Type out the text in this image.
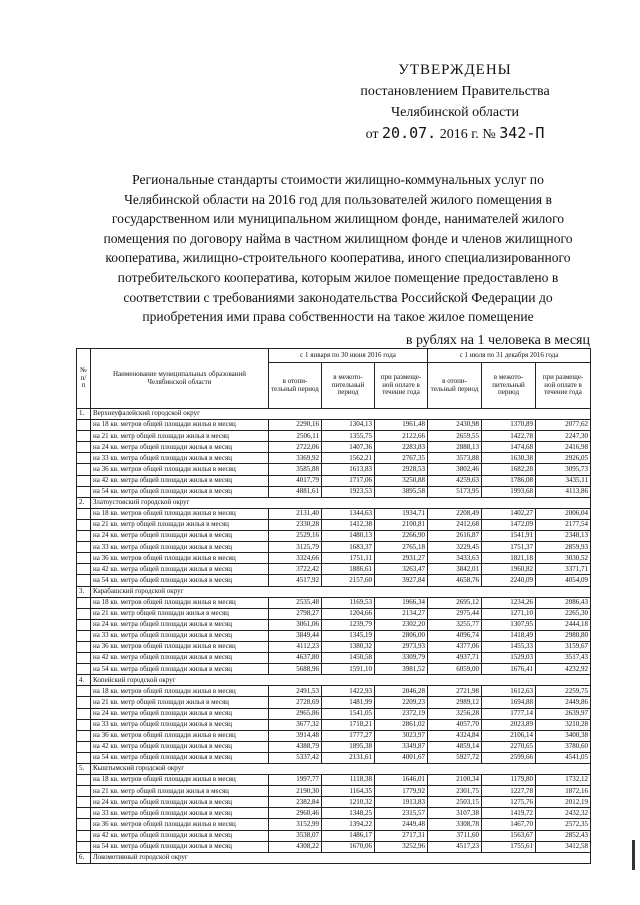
УТВЕРЖДЕНЫ
постановлением Правительства
Челябинской области
от 20.07. 2016 г. № 342-П
Региональные стандарты стоимости жилищно-коммунальных услуг по Челябинской области на 2016 год для пользователей жилого помещения в государственном или муниципальном жилищном фонде, нанимателей жилого помещения по договору найма в частном жилищном фонде и членов жилищного кооператива, жилищно-строительного кооператива, иного специализированного потребительского кооператива, которым жилое помещение предоставлено в соответствии с требованиями законодательства Российской Федерации до приобретения ими права собственности на такое жилое помещение
в рублях на 1 человека в месяц
№ п/п	Наименование муниципальных образований Челябинской области	с 1 января по 30 июня 2016 года			с 1 июля по 31 декабря 2016 года		
		в отопи-тельный период	в межото-пительный период	при размеще-ной оплате в течение года	в отопи-тельный период	в межото-пительный период	при размеще-ной оплате в течение года
1.	Верхнеуфалейский городской округ						
	на 18 кв. метров общей площади жилья в месяц	2290,16	1304,13	1961,48	2430,98	1370,89	2077,62
	на 21 кв. метр общей площади жилья в месяц	2506,11	1355,75	2122,66	2659,55	1422,78	2247,30
	на 24 кв. метра общей площади жилья в месяц	2722,06	1407,36	2283,83	2888,13	1474,68	2416,98
	на 33 кв. метра общей площади жилья в месяц	3369,92	1562,21	2767,35	3573,88	1630,38	2926,05
	на 36 кв. метров общей площади жилья в месяц	3585,88	1613,83	2928,53	3802,46	1682,28	3095,73
	на 42 кв. метра общей площади жилья в месяц	4017,79	1717,06	3250,88	4259,63	1786,08	3435,11
	на 54 кв. метра общей площади жилья в месяц	4881,61	1923,53	3895,58	5173,95	1993,68	4113,86
2.	Златоустовский городской округ						
	на 18 кв. метров общей площади жилья в месяц	2131,40	1344,63	1934,71	2208,49	1402,27	2006,04
	на 21 кв. метр общей площади жилья в месяц	2330,28	1412,38	2100,81	2412,68	1472,09	2177,54
	на 24 кв. метра общей площади жилья в месяц	2529,16	1480,13	2266,90	2616,87	1541,91	2348,13
	на 33 кв. метра общей площади жилья в месяц	3125,79	1683,37	2765,18	3229,45	1751,37	2859,93
	на 36 кв. метров общей площади жилья в месяц	3324,66	1751,11	2931,27	3433,63	1821,18	3030,52
	на 42 кв. метра общей площади жилья в месяц	3722,42	1886,61	3263,47	3842,01	1960,82	3371,71
	на 54 кв. метра общей площади жилья в месяц	4517,92	2157,60	3927,84	4658,76	2240,09	4054,09
3.	Карабашский городской округ						
	на 18 кв. метров общей площади жилья в месяц	2535,48	1169,53	1966,34	2695,12	1234,26	2086,43
	на 21 кв. метр общей площади жилья в месяц	2798,27	1204,66	2134,27	2975,44	1271,10	2265,30
	на 24 кв. метра общей площади жилья в месяц	3061,06	1239,79	2302,20	3255,77	1307,95	2444,18
	на 33 кв. метра общей площади жилья в месяц	3849,44	1345,19	2806,00	4096,74	1418,49	2980,80
	на 36 кв. метров общей площади жилья в месяц	4112,23	1380,32	2973,93	4377,06	1455,33	3159,67
	на 42 кв. метра общей площади жилья в месяц	4637,80	1450,58	3309,79	4937,71	1529,03	3517,43
	на 54 кв. метра общей площади жилья в месяц	5688,96	1591,10	3981,52	6059,00	1676,41	4232,92
4.	Копейский городской округ						
	на 18 кв. метров общей площади жилья в месяц	2491,53	1422,93	2046,28	2721,98	1612,63	2259,75
	на 21 кв. метр общей площади жилья в месяц	2728,69	1481,99	2209,23	2989,12	1694,88	2449,86
	на 24 кв. метра общей площади жилья в месяц	2965,86	1541,05	2372,19	3256,28	1777,14	2639,97
	на 33 кв. метра общей площади жилья в месяц	3677,32	1718,21	2861,02	4057,70	2023,89	3210,28
	на 36 кв. метров общей площади жилья в месяц	3914,48	1777,27	3023,97	4324,84	2106,14	3400,38
	на 42 кв. метра общей площади жилья в месяц	4388,79	1895,38	3349,87	4859,14	2270,65	3780,60
	на 54 кв. метра общей площади жилья в месяц	5337,42	2131,61	4001,67	5927,72	2599,66	4541,05
5.	Кыштымский городской округ						
	на 18 кв. метров общей площади жилья в месяц	1997,77	1118,38	1646,01	2100,34	1179,80	1732,12
	на 21 кв. метр общей площади жилья в месяц	2190,30	1164,35	1779,92	2301,75	1227,78	1872,16
	на 24 кв. метра общей площади жилья в месяц	2382,84	1210,32	1913,83	2503,15	1275,76	2012,19
	на 33 кв. метра общей площади жилья в месяц	2960,46	1348,25	2315,57	3107,38	1419,72	2432,32
	на 36 кв. метров общей площади жилья в месяц	3152,99	1394,22	2449,48	3308,78	1467,70	2572,35
	на 42 кв. метра общей площади жилья в месяц	3538,07	1486,17	2717,31	3711,60	1563,67	2852,43
	на 54 кв. метра общей площади жилья в месяц	4308,22	1670,06	3252,96	4517,23	1755,61	3412,58
6.	Локомотивный городской округ						
